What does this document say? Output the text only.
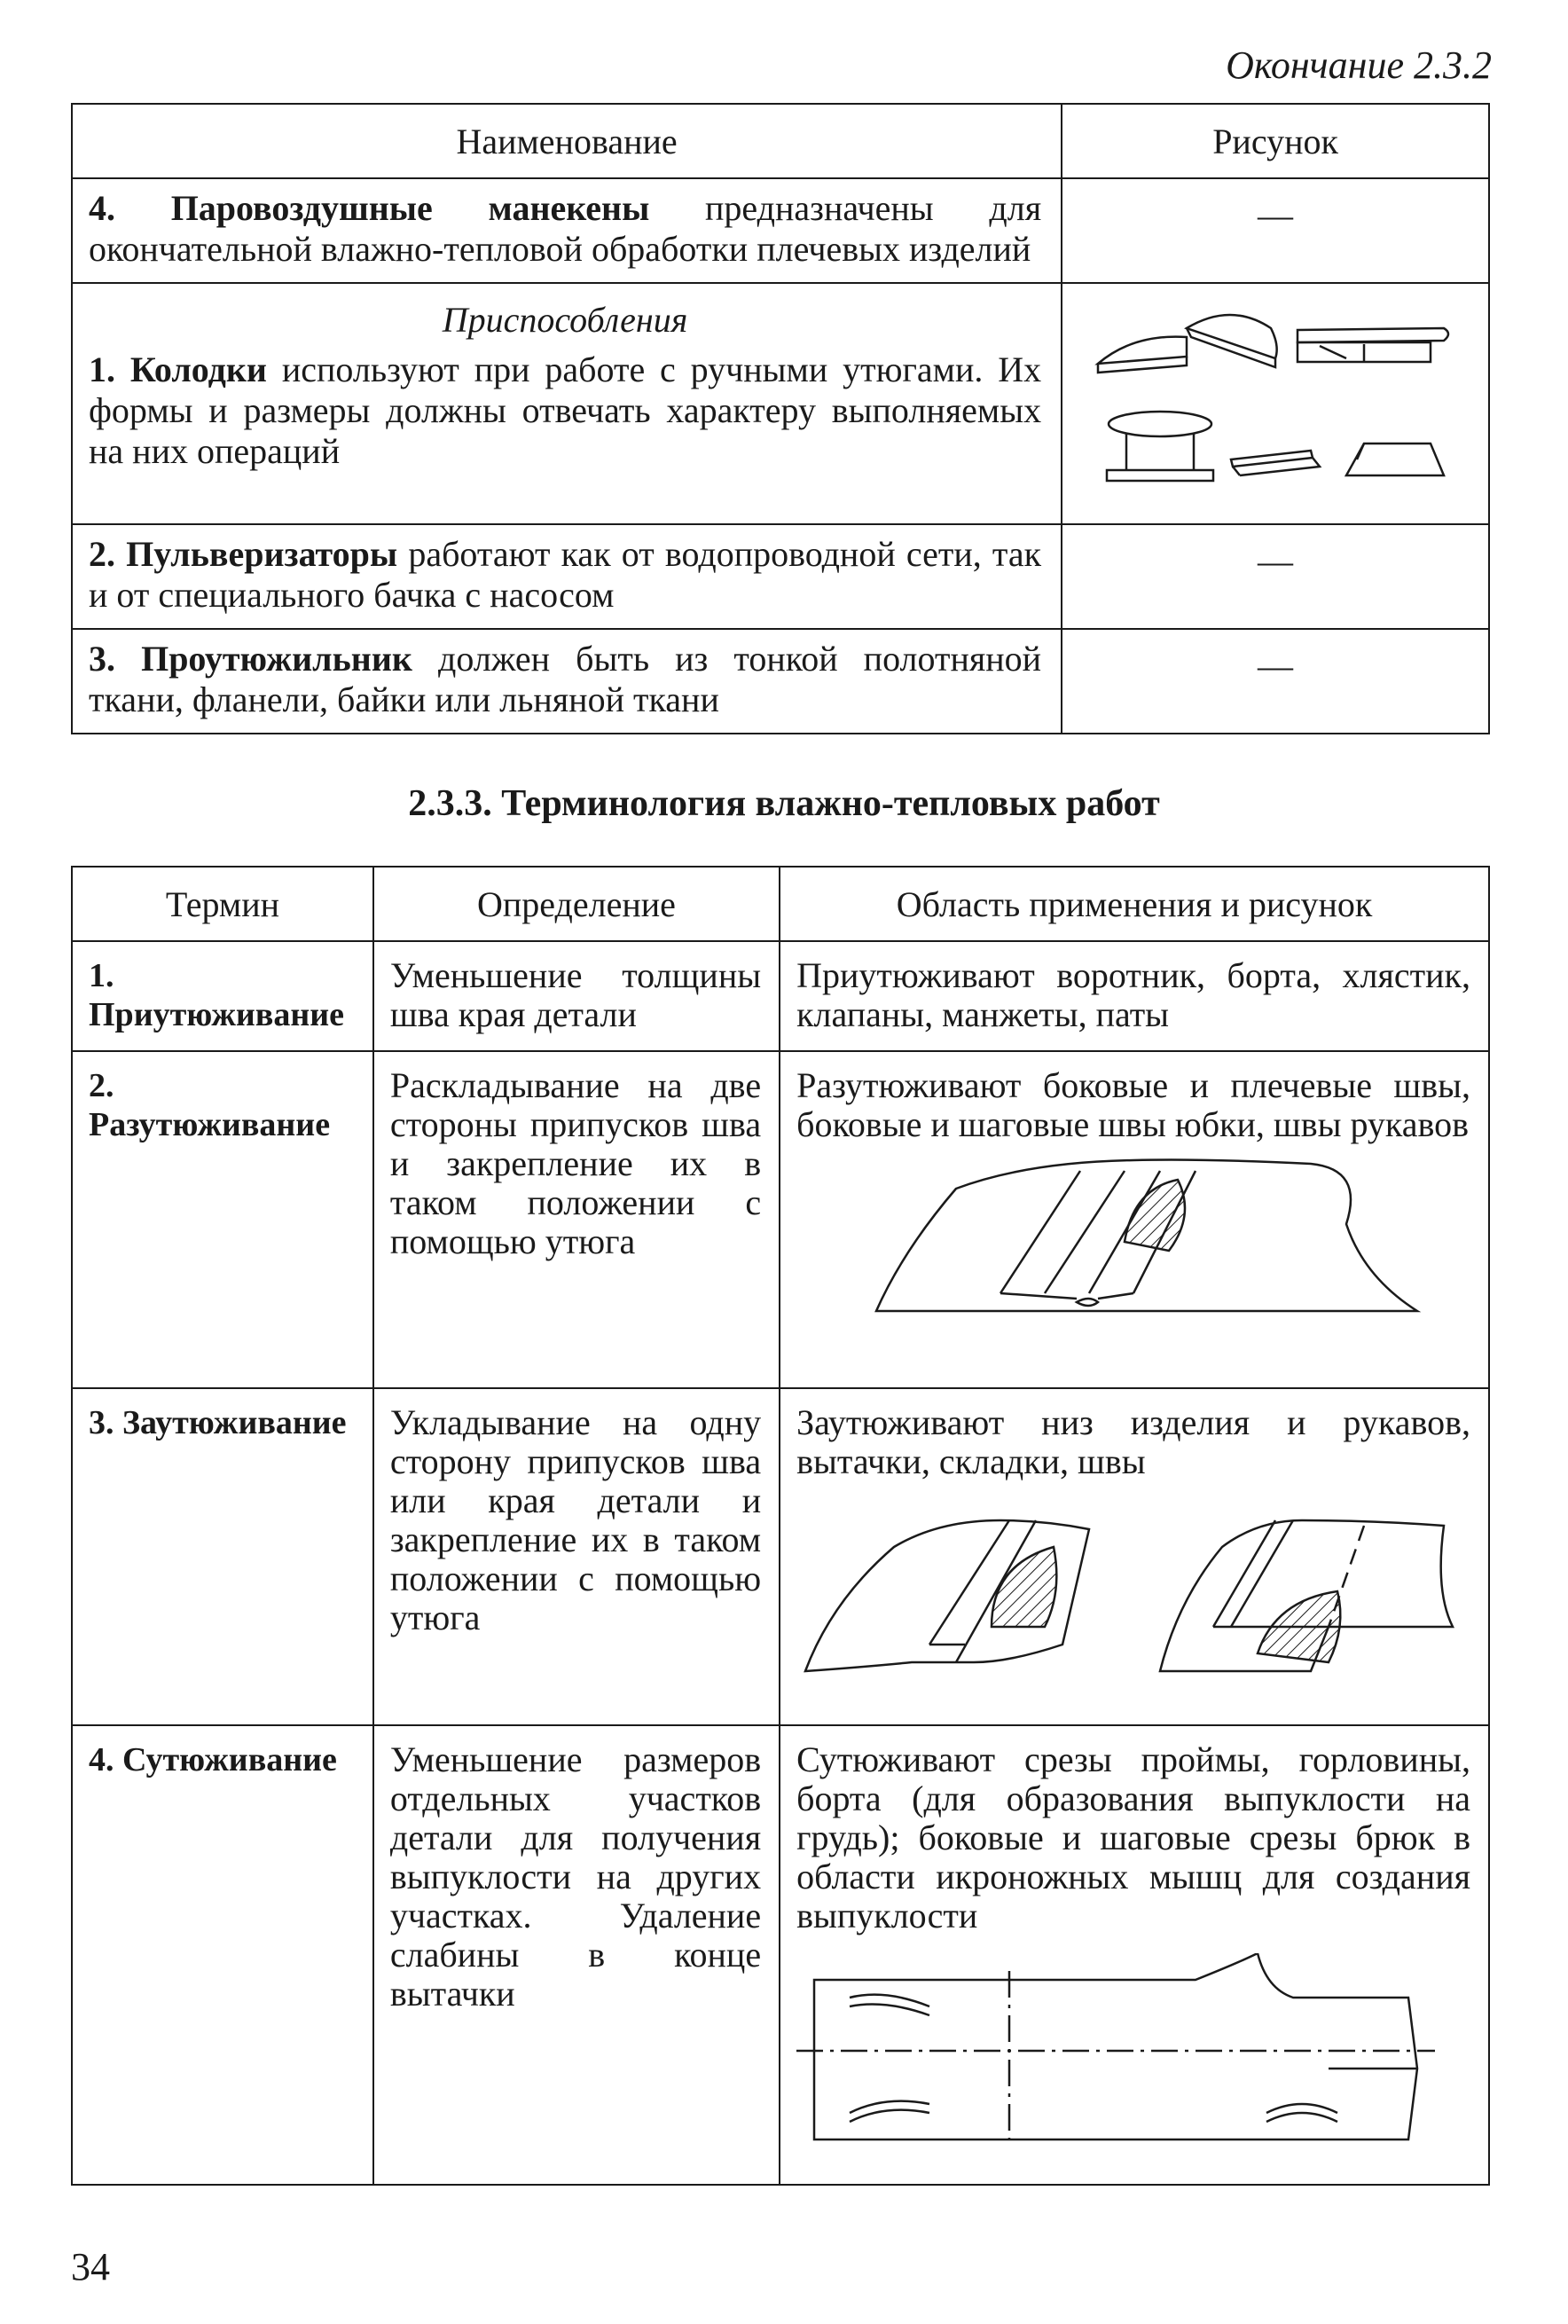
Окончание 2.3.2
Наименование	Рисунок
4. Паровоздушные манекены предназначены для окончательной влажно-тепловой обработки плечевых изделий	—

Приспособления
1. Колодки используют при работе с ручными утюгами. Их формы и размеры должны отвечать характеру выполняемых на них операций	
2. Пульверизаторы работают как от водопроводной сети, так и от специального бачка с насосом	—

3. Проутюжильник должен быть из тонкой полотняной ткани, фланели, байки или льняной ткани	—
2.3.3. Терминология влажно-тепловых работ
Термин	Определение	Область применения и рисунок
1. Приутюживание	Уменьшение толщины шва края детали	Приутюживают воротник, борта, хлястик, клапаны, манжеты, паты
2. Разутюживание	Раскладывание на две стороны припусков шва и закрепление их в таком положении с помощью утюга	Разутюживают боковые и плечевые швы, боковые и шаговые швы юбки, швы рукавов

3. Заутюживание	Укладывание на одну сторону припусков шва или края детали и закрепление их в таком положении с помощью утюга	Заутюживают низ изделия и рукавов, вытачки, складки, швы

4. Сутюживание	Уменьшение размеров отдельных участков детали для получения выпуклости на других участках. Удаление слабины в конце вытачки	Сутюживают срезы проймы, горловины, борта (для образования выпуклости на грудь); боковые и шаговые срезы брюк в области икроножных мышц для создания выпуклости
34
